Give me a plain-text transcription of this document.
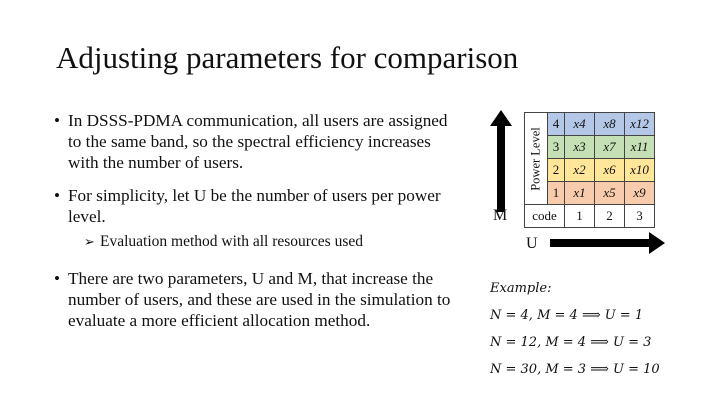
Adjusting parameters for comparison
• In DSSS-PDMA communication, all users are assigned to the same band, so the spectral efficiency increases with the number of users.
• For simplicity, let U be the number of users per power level.
➢ Evaluation method with all resources used
• There are two parameters, U and M, that increase the number of users, and these are used in the simulation to evaluate a more efficient allocation method.
M
U
Power Level	4	x4	x8	x12
	3	x3	x7	x11
	2	x2	x6	x10
	1	x1	x5	x9
code		1	2	3
Example:
N = 4, M = 4 ⟹ U = 1
N = 12, M = 4 ⟹ U = 3
N = 30, M = 3 ⟹ U = 10
